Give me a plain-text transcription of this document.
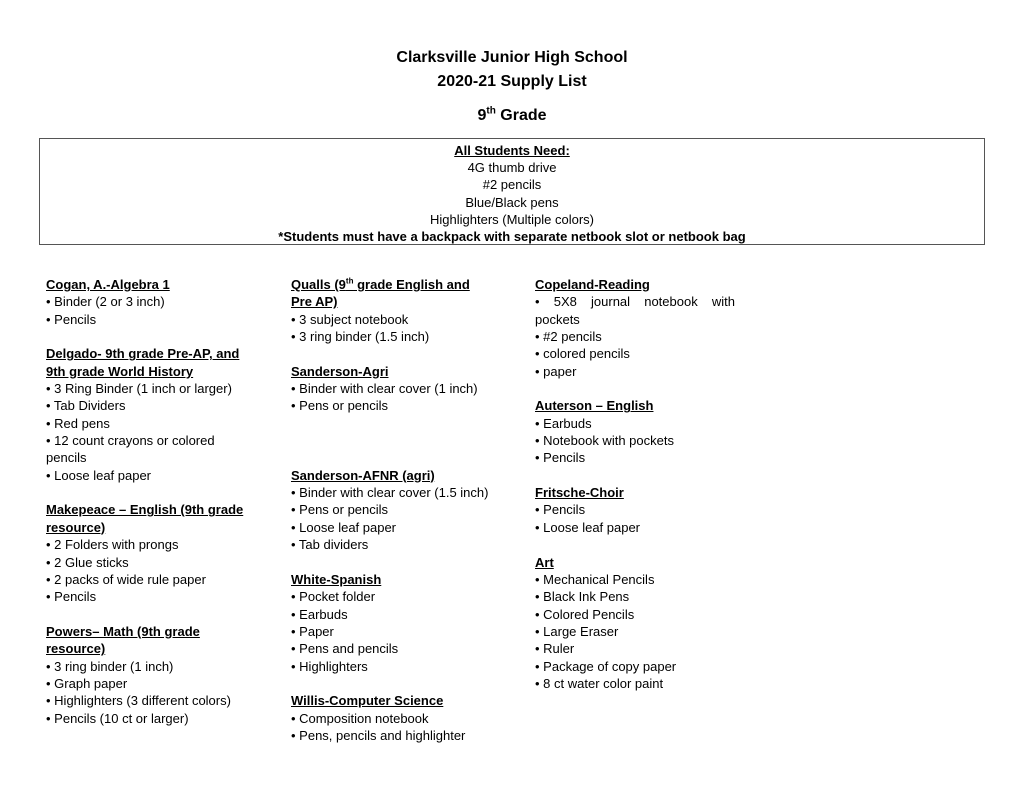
Clarksville Junior High School
2020-21 Supply List
9th Grade
All Students Need:
4G thumb drive
#2 pencils
Blue/Black pens
Highlighters (Multiple colors)
*Students must have a backpack with separate netbook slot or netbook bag
Cogan, A.-Algebra 1
• Binder (2 or 3 inch)
• Pencils
Delgado- 9th grade Pre-AP, and 9th grade World History
• 3 Ring Binder (1 inch or larger)
• Tab Dividers
• Red pens
• 12 count crayons or colored pencils
• Loose leaf paper
Makepeace – English (9th grade resource)
• 2 Folders with prongs
• 2 Glue sticks
• 2 packs of wide rule paper
• Pencils
Powers– Math (9th grade resource)
• 3 ring binder (1 inch)
• Graph paper
• Highlighters (3 different colors)
• Pencils (10 ct or larger)
Qualls (9th grade English and Pre AP)
• 3 subject notebook
• 3 ring binder (1.5 inch)
Sanderson-Agri
• Binder with clear cover (1 inch)
• Pens or pencils
Sanderson-AFNR (agri)
• Binder with clear cover (1.5 inch)
• Pens or pencils
• Loose leaf paper
• Tab dividers
White-Spanish
• Pocket folder
• Earbuds
• Paper
• Pens and pencils
• Highlighters
Willis-Computer Science
• Composition notebook
• Pens, pencils and highlighter
Copeland-Reading
• 5X8 journal notebook with pockets
• #2 pencils
• colored pencils
• paper
Auterson – English
• Earbuds
• Notebook with pockets
• Pencils
Fritsche-Choir
• Pencils
• Loose leaf paper
Art
• Mechanical Pencils
• Black Ink Pens
• Colored Pencils
• Large Eraser
• Ruler
• Package of copy paper
• 8 ct water color paint
